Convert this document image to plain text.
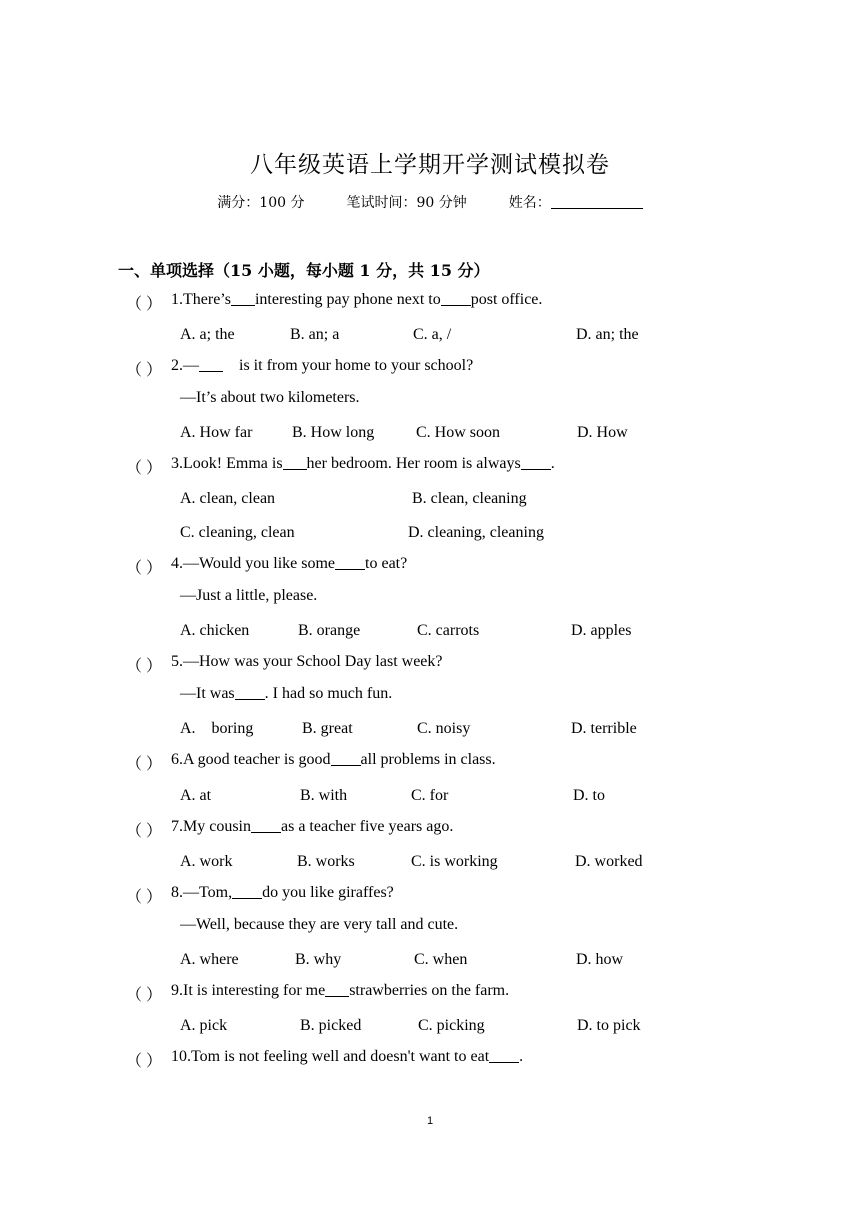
八年级英语上学期开学测试模拟卷
满分：100 分	笔试时间：90 分钟	姓名：
一、单项选择（15 小题，每小题 1 分，共 15 分）
（ ） 1.There’s interesting pay phone next to post office.
A. a; the	B. an; a	C. a, /	D. an; the
（ ） 2.—	is it from your home to your school?
—It’s about two kilometers.
A. How far B. How long	C. How soon	D. How
（ ） 3.Look! Emma is her bedroom. Her room is always .
A. clean, clean	B. clean, cleaning
C. cleaning, clean	D. cleaning, cleaning
（ ） 4.—Would you like some to eat?
—Just a little, please.
A. chicken	B. orange	C. carrots	D. apples
（ ） 5.—How was your School Day last week?
—It was . I had so much fun.
A.    boring	B. great	C. noisy	D. terrible
（ ） 6.A good teacher is good all problems in class.
A. at	B. with	C. for	D. to
（ ） 7.My cousin as a teacher five years ago.
A. work	B. works	C. is working	D. worked
（ ） 8.—Tom, do you like giraffes?
—Well, because they are very tall and cute.
A. where	B. why	C. when	D. how
（ ） 9.It is interesting for me strawberries on the farm.
A. pick	B. picked	C. picking	D. to pick
（ ） 10.Tom is not feeling well and doesn't want to eat .
1
